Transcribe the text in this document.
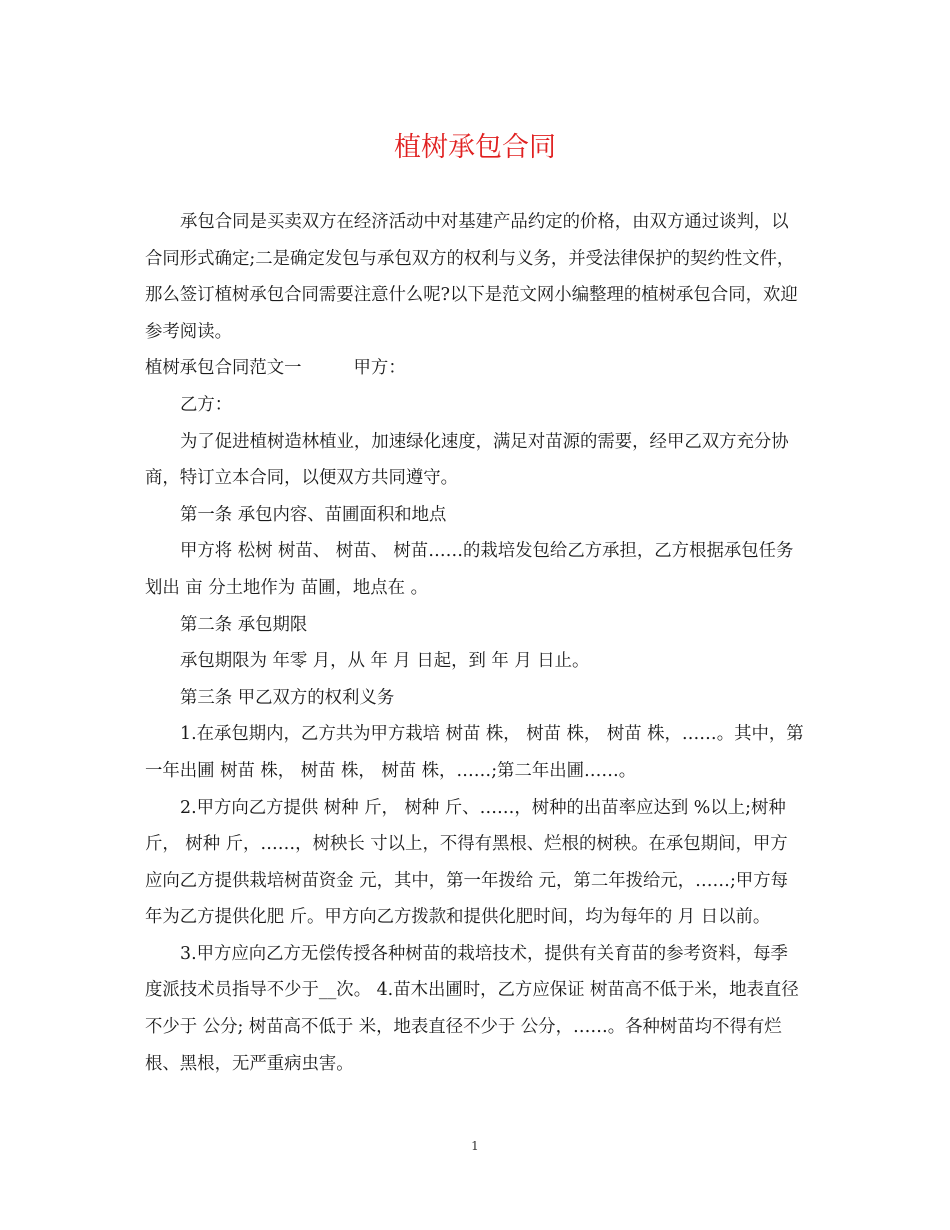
植树承包合同

承包合同是买卖双方在经济活动中对基建产品约定的价格，由双方通过谈判，以合同形式确定;二是确定发包与承包双方的权利与义务，并受法律保护的契约性文件，那么签订植树承包合同需要注意什么呢?以下是范文网小编整理的植树承包合同，欢迎参考阅读。

植树承包合同范文一	甲方：

乙方：

为了促进植树造林植业，加速绿化速度，满足对苗源的需要，经甲乙双方充分协商，特订立本合同，以便双方共同遵守。

第一条 承包内容、苗圃面积和地点

甲方将 松树 树苗、 树苗、 树苗……的栽培发包给乙方承担，乙方根据承包任务划出 亩 分土地作为 苗圃，地点在 。

第二条 承包期限

承包期限为 年零 月，从 年 月 日起，到 年 月 日止。

第三条 甲乙双方的权利义务

1.在承包期内，乙方共为甲方栽培 树苗 株， 树苗 株， 树苗 株，……。其中，第一年出圃 树苗 株， 树苗 株， 树苗 株，……;第二年出圃……。

2.甲方向乙方提供 树种 斤， 树种 斤、……，树种的出苗率应达到 %以上;树种 斤， 树种 斤，……，树秧长 寸以上，不得有黑根、烂根的树秧。在承包期间，甲方应向乙方提供栽培树苗资金 元，其中，第一年拨给 元，第二年拨给元，……;甲方每年为乙方提供化肥 斤。甲方向乙方拨款和提供化肥时间，均为每年的 月 日以前。

3.甲方应向乙方无偿传授各种树苗的栽培技术，提供有关育苗的参考资料，每季度派技术员指导不少于__次。 4.苗木出圃时，乙方应保证 树苗高不低于米，地表直径不少于 公分; 树苗高不低于 米，地表直径不少于 公分，……。各种树苗均不得有烂根、黑根，无严重病虫害。

1
